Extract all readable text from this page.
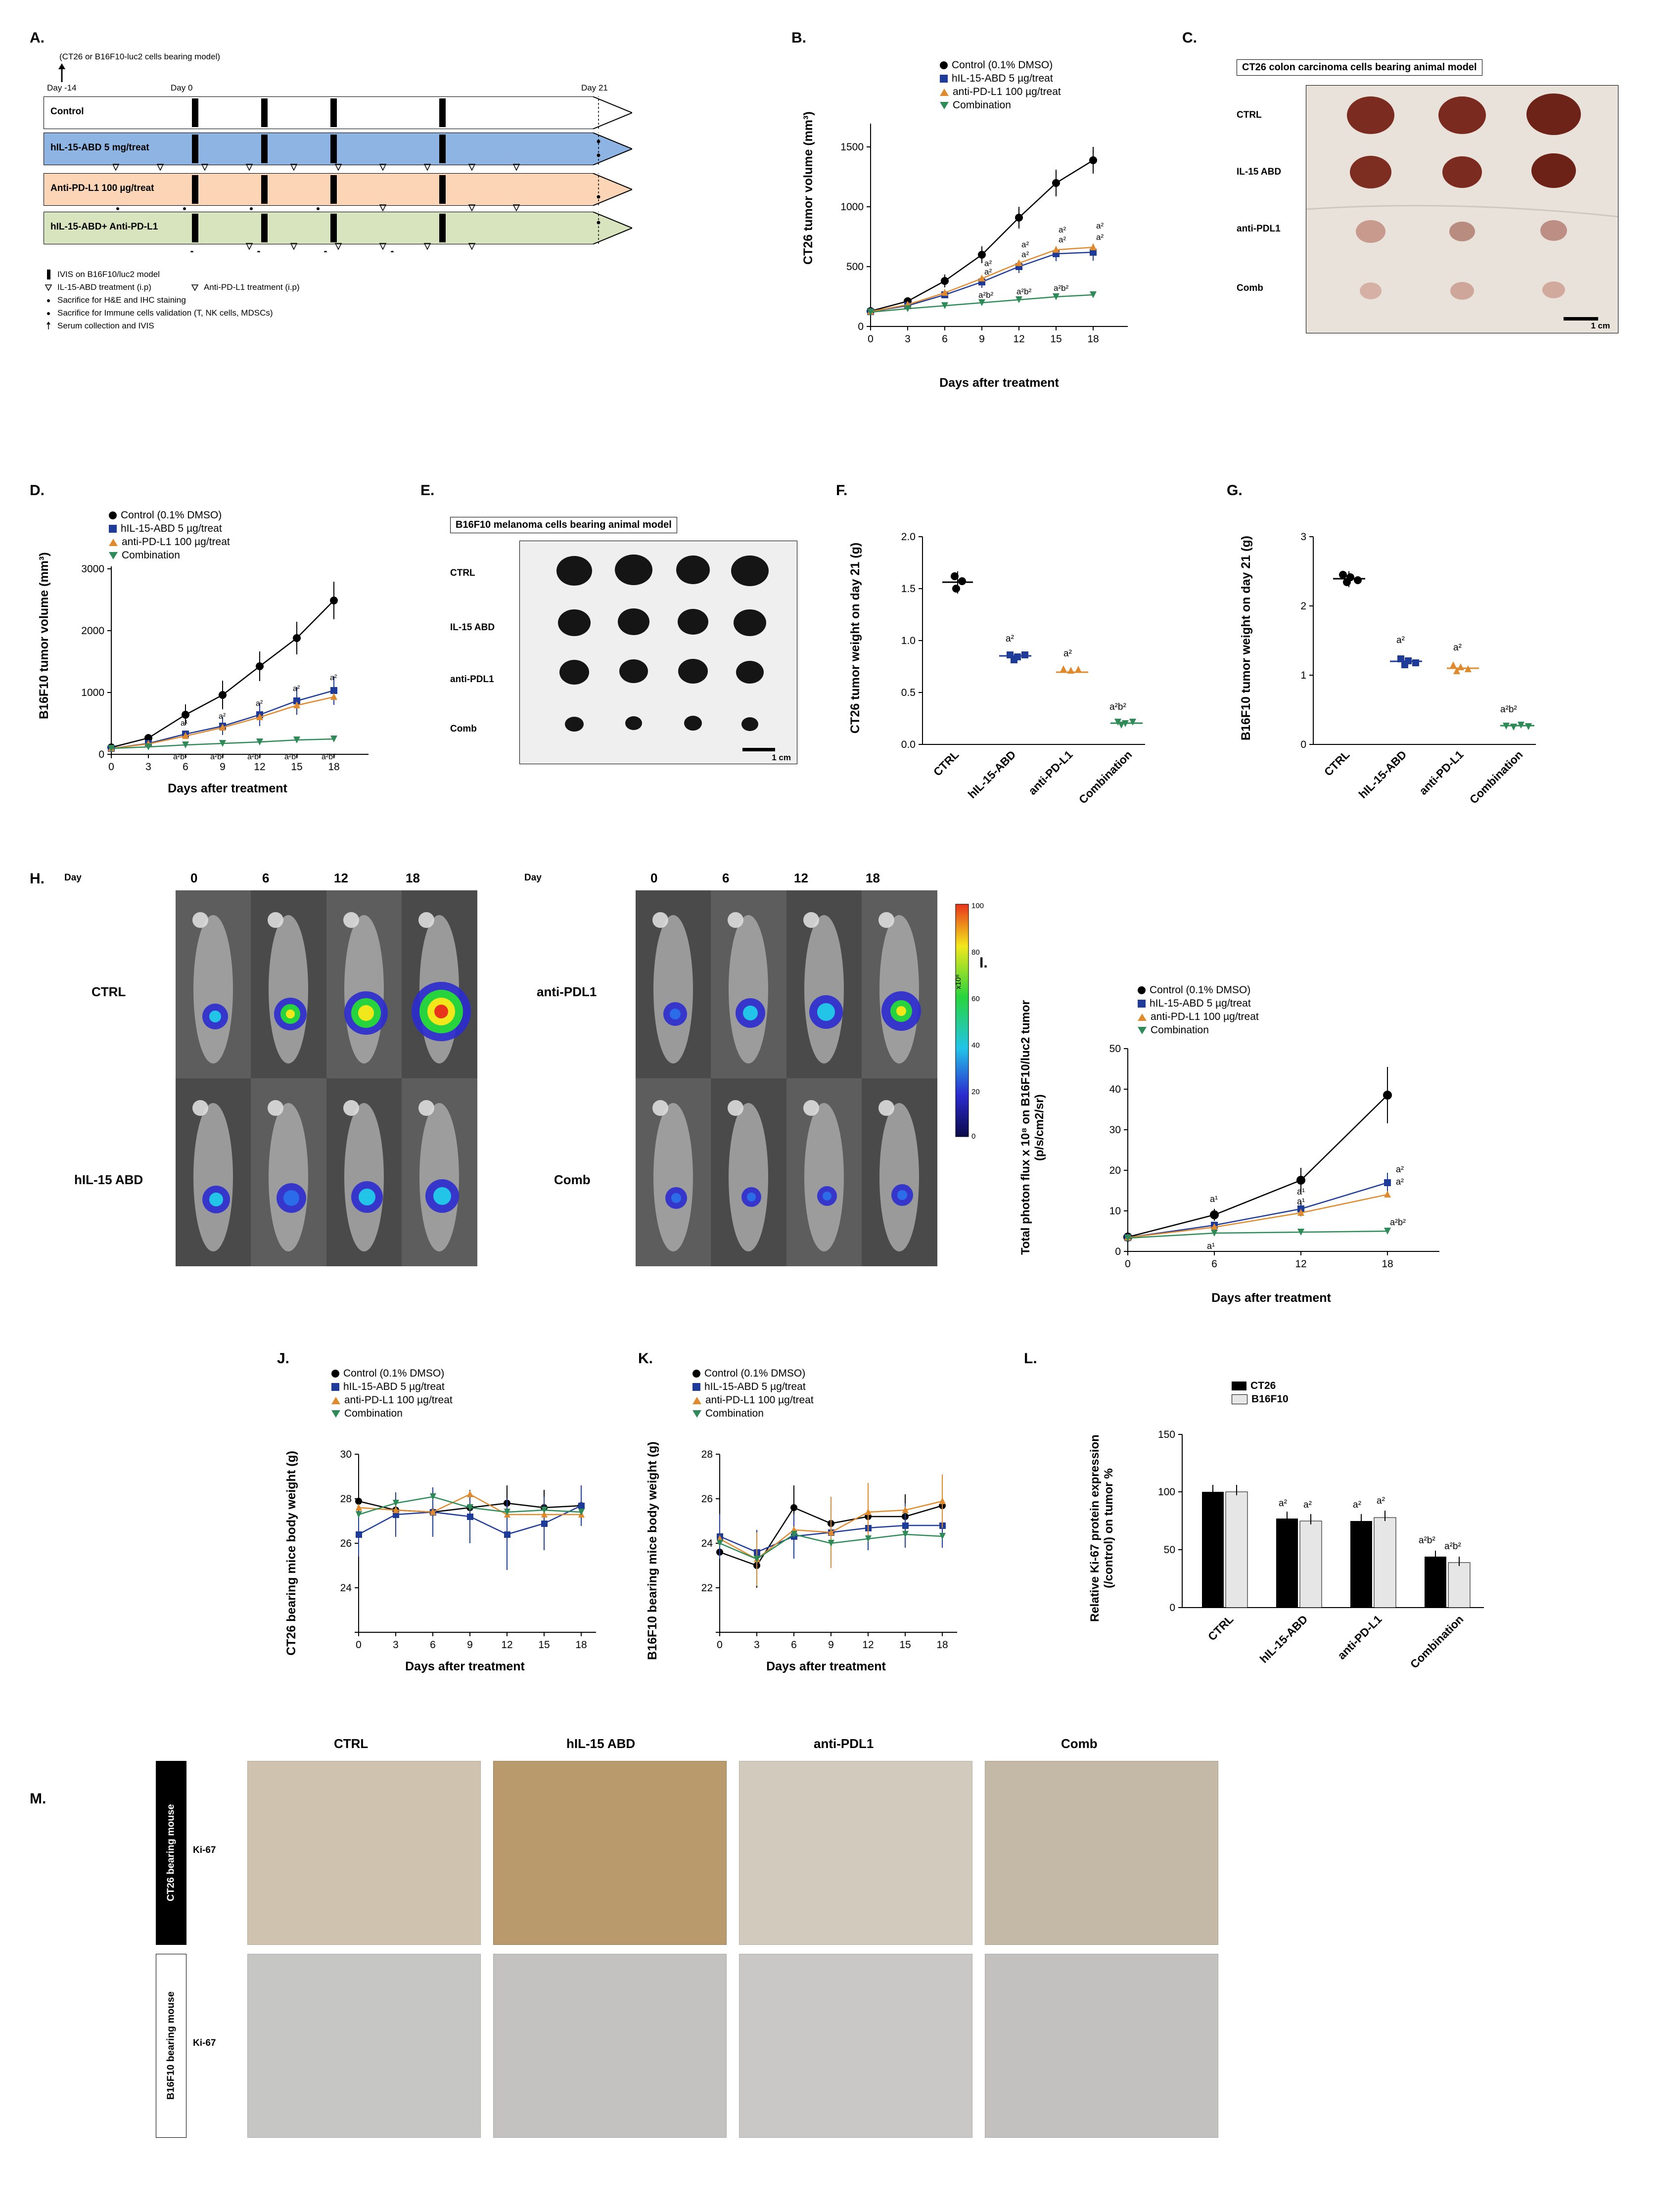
A.
(CT26 or B16F10-luc2 cells bearing model)
Day -14	Day 0	Day 21
Control
hIL-15-ABD 5 mg/treat
Anti-PD-L1 100 µg/treat
hIL-15-ABD+ Anti-PD-L1
IVIS on B16F10/luc2 model
IL-15-ABD treatment (i.p)	Anti-PD-L1 treatment (i.p)
Sacrifice for H&E and IHC staining
Sacrifice for Immune cells validation (T, NK cells, MDSCs)
Serum collection and IVIS
B.
CT26 tumor volume (mm³)
Control (0.1% DMSO)
hIL-15-ABD 5 µg/treat
anti-PD-L1 100 µg/treat
Combination
0
500
1000
1500
0	3	6	9	12 15 18
a²
a²
a²	a²
a²
a²
a²	a²
a²b²	a²b²	a²b²
Days after treatment
C.
CT26 colon carcinoma cells bearing animal model
CTRL
IL-15 ABD
anti-PDL1
Comb
1 cm
D.
B16F10 tumor volume (mm³)
Control (0.1% DMSO)
hIL-15-ABD 5 µg/treat
anti-PD-L1 100 µg/treat
Combination
0
1000
2000
3000
0	3	6	9	12 15 18
a¹
a²
a²
a²
a²
a²b¹	a²b²	a²b²	a²b²	a²b²
Days after treatment
E.
B16F10 melanoma cells bearing animal model
CTRL
IL-15 ABD
anti-PDL1
Comb
1 cm
F.
CT26 tumor weight on day 21 (g)
0.0
0.5
1.0
1.5
2.0
a²
a²
a²b²
CTRL hIL-15-ABD anti-PD-L1 Combination
G.
B16F10 tumor weight on day 21 (g)
0
1
2
3
a²
a²
a²b²
CTRL hIL-15-ABD anti-PD-L1 Combination
H.	Day	0	6	12	18
CTRL
hIL-15 ABD
Day	0	6	12	18
anti-PDL1
Comb
100
80
60
40
20
0
x10⁶
I.
Total photon flux x 10⁸ on B16F10/luc2 tumor (p/s/cm2/sr)
Control (0.1% DMSO)
hIL-15-ABD 5 µg/treat
anti-PD-L1 100 µg/treat
Combination
0
10
20
30
40
50
0	6	12	18
a¹
a¹
a²
a¹
a²
a¹
a²b²
Days after treatment
J.
CT26 bearing mice body weight (g)
Control (0.1% DMSO)
hIL-15-ABD 5 µg/treat
anti-PD-L1 100 µg/treat
Combination
24
26
28
30
0	3	6	9	12 15 18
Days after treatment
K.
B16F10 bearing mice body weight (g)
Control (0.1% DMSO)
hIL-15-ABD 5 µg/treat
anti-PD-L1 100 µg/treat
Combination
22
24
26
28
0	3	6	9	12 15 18
Days after treatment
L.
Relative Ki-67 protein expression (/control) on tumor %
CT26
B16F10
0
50
100
150
a² a²	a² a²
a²b²
a²b²
CTRL hIL-15-ABD anti-PD-L1 Combination
M.
CTRL	hIL-15 ABD	anti-PDL1	Comb
CT26 bearing mouse	Ki-67
B16F10 bearing mouse	Ki-67
